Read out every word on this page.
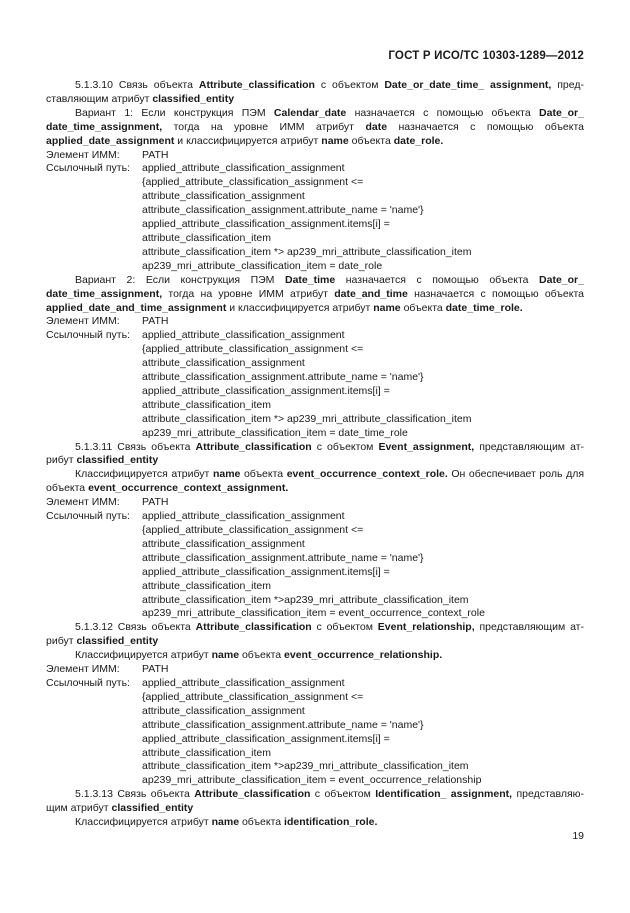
ГОСТ Р ИСО/ТС 10303-1289—2012

5.1.3.10 Связь объекта Attribute_classification с объектом Date_or_date_time_ assignment, пред-ставляющим атрибут classified_entity

Вариант 1: Если конструкция ПЭМ Calendar_date назначается с помощью объекта Date_or_ date_time_assignment, тогда на уровне ИММ атрибут date назначается с помощью объекта applied_date_assignment и классифицируется атрибут name объекта date_role.

Элемент ИММ:	PATH
Ссылочный путь:	applied_attribute_classification_assignment
{applied_attribute_classification_assignment <=
attribute_classification_assignment
attribute_classification_assignment.attribute_name = 'name'}
applied_attribute_classification_assignment.items[i] =
attribute_classification_item
attribute_classification_item *> ap239_mri_attribute_classification_item
ap239_mri_attribute_classification_item = date_role

Вариант 2: Если конструкция ПЭМ Date_time назначается с помощью объекта Date_or_ date_time_assignment, тогда на уровне ИММ атрибут date_and_time назначается с помощью объекта applied_date_and_time_assignment и классифицируется атрибут name объекта date_time_role.

Элемент ИММ:	PATH
Ссылочный путь:	applied_attribute_classification_assignment
{applied_attribute_classification_assignment <=
attribute_classification_assignment
attribute_classification_assignment.attribute_name = 'name'}
applied_attribute_classification_assignment.items[i] =
attribute_classification_item
attribute_classification_item *> ap239_mri_attribute_classification_item
ap239_mri_attribute_classification_item = date_time_role

5.1.3.11 Связь объекта Attribute_classification с объектом Event_assignment, представляющим ат-рибут classified_entity

Классифицируется атрибут name объекта event_occurrence_context_role. Он обеспечивает роль для объекта event_occurrence_context_assignment.

Элемент ИММ:	PATH
Ссылочный путь:	applied_attribute_classification_assignment
{applied_attribute_classification_assignment <=
attribute_classification_assignment
attribute_classification_assignment.attribute_name = 'name'}
applied_attribute_classification_assignment.items[i] =
attribute_classification_item
attribute_classification_item *>ap239_mri_attribute_classification_item
ap239_mri_attribute_classification_item = event_occurrence_context_role

5.1.3.12 Связь объекта Attribute_classification с объектом Event_relationship, представляющим ат-рибут classified_entity

Классифицируется атрибут name объекта event_occurrence_relationship.

Элемент ИММ:	PATH
Ссылочный путь:	applied_attribute_classification_assignment
{applied_attribute_classification_assignment <=
attribute_classification_assignment
attribute_classification_assignment.attribute_name = 'name'}
applied_attribute_classification_assignment.items[i] =
attribute_classification_item
attribute_classification_item *>ap239_mri_attribute_classification_item
ap239_mri_attribute_classification_item = event_occurrence_relationship

5.1.3.13 Связь объекта Attribute_classification с объектом Identification_ assignment, представляю-щим атрибут classified_entity

Классифицируется атрибут name объекта identification_role.

19
